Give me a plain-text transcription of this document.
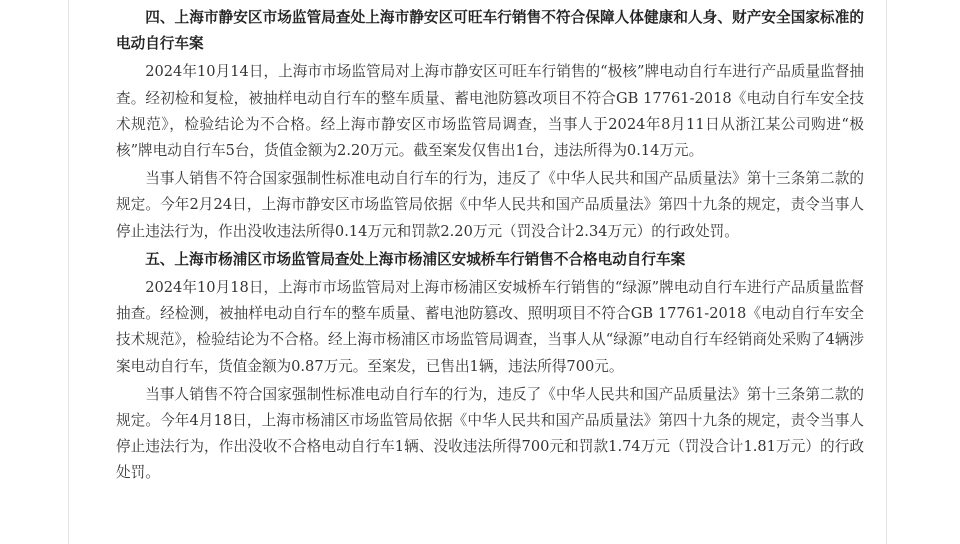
四、上海市静安区市场监管局查处上海市静安区可旺车行销售不符合保障人体健康和人身、财产安全国家标准的电动自行车案

2024年10月14日，上海市市场监管局对上海市静安区可旺车行销售的“极核”牌电动自行车进行产品质量监督抽查。经初检和复检，被抽样电动自行车的整车质量、蓄电池防篡改项目不符合GB 17761-2018《电动自行车安全技术规范》，检验结论为不合格。经上海市静安区市场监管局调查，当事人于2024年8月11日从浙江某公司购进“极核”牌电动自行车5台，货值金额为2.20万元。截至案发仅售出1台，违法所得为0.14万元。

当事人销售不符合国家强制性标准电动自行车的行为，违反了《中华人民共和国产品质量法》第十三条第二款的规定。今年2月24日，上海市静安区市场监管局依据《中华人民共和国产品质量法》第四十九条的规定，责令当事人停止违法行为，作出没收违法所得0.14万元和罚款2.20万元（罚没合计2.34万元）的行政处罚。

五、上海市杨浦区市场监管局查处上海市杨浦区安城桥车行销售不合格电动自行车案

2024年10月18日，上海市市场监管局对上海市杨浦区安城桥车行销售的“绿源”牌电动自行车进行产品质量监督抽查。经检测，被抽样电动自行车的整车质量、蓄电池防篡改、照明项目不符合GB 17761-2018《电动自行车安全技术规范》，检验结论为不合格。经上海市杨浦区市场监管局调查，当事人从“绿源”电动自行车经销商处采购了4辆涉案电动自行车，货值金额为0.87万元。至案发，已售出1辆，违法所得700元。

当事人销售不符合国家强制性标准电动自行车的行为，违反了《中华人民共和国产品质量法》第十三条第二款的规定。今年4月18日，上海市杨浦区市场监管局依据《中华人民共和国产品质量法》第四十九条的规定，责令当事人停止违法行为，作出没收不合格电动自行车1辆、没收违法所得700元和罚款1.74万元（罚没合计1.81万元）的行政处罚。
